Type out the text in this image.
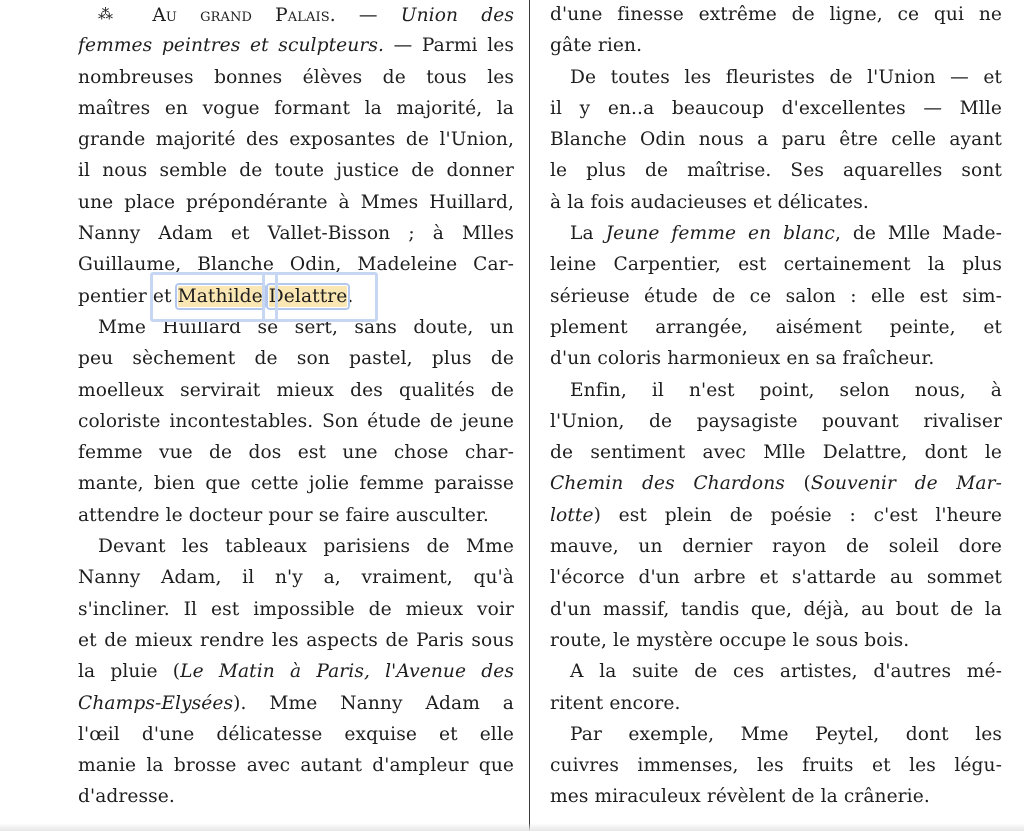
⁂ Au grand Palais. — Union des
femmes peintres et sculpteurs. — Parmi les
nombreuses bonnes élèves de tous les
maîtres en vogue formant la majorité, la
grande majorité des exposantes de l'Union,
il nous semble de toute justice de donner
une place prépondérante à Mmes Huillard,
Nanny Adam et Vallet-Bisson ; à Mlles
Guillaume, Blanche Odin, Madeleine Car-
pentier et Mathilde Delattre.
Mme Huillard se sert, sans doute, un
peu sèchement de son pastel, plus de
moelleux servirait mieux des qualités de
coloriste incontestables. Son étude de jeune
femme vue de dos est une chose char-
mante, bien que cette jolie femme paraisse
attendre le docteur pour se faire ausculter.
Devant les tableaux parisiens de Mme
Nanny Adam, il n'y a, vraiment, qu'à
s'incliner. Il est impossible de mieux voir
et de mieux rendre les aspects de Paris sous
la pluie (Le Matin à Paris, l'Avenue des
Champs-Elysées). Mme Nanny Adam a
l'œil d'une délicatesse exquise et elle
manie la brosse avec autant d'ampleur que
d'adresse.
d'une finesse extrême de ligne, ce qui ne
gâte rien.
De toutes les fleuristes de l'Union — et
il y en..a beaucoup d'excellentes — Mlle
Blanche Odin nous a paru être celle ayant
le plus de maîtrise. Ses aquarelles sont
à la fois audacieuses et délicates.
La Jeune femme en blanc, de Mlle Made-
leine Carpentier, est certainement la plus
sérieuse étude de ce salon : elle est sim-
plement arrangée, aisément peinte, et
d'un coloris harmonieux en sa fraîcheur.
Enfin, il n'est point, selon nous, à
l'Union, de paysagiste pouvant rivaliser
de sentiment avec Mlle Delattre, dont le
Chemin des Chardons (Souvenir de Mar-
lotte) est plein de poésie : c'est l'heure
mauve, un dernier rayon de soleil dore
l'écorce d'un arbre et s'attarde au sommet
d'un massif, tandis que, déjà, au bout de la
route, le mystère occupe le sous bois.
A la suite de ces artistes, d'autres mé-
ritent encore.
Par exemple, Mme Peytel, dont les
cuivres immenses, les fruits et les légu-
mes miraculeux révèlent de la crânerie.
